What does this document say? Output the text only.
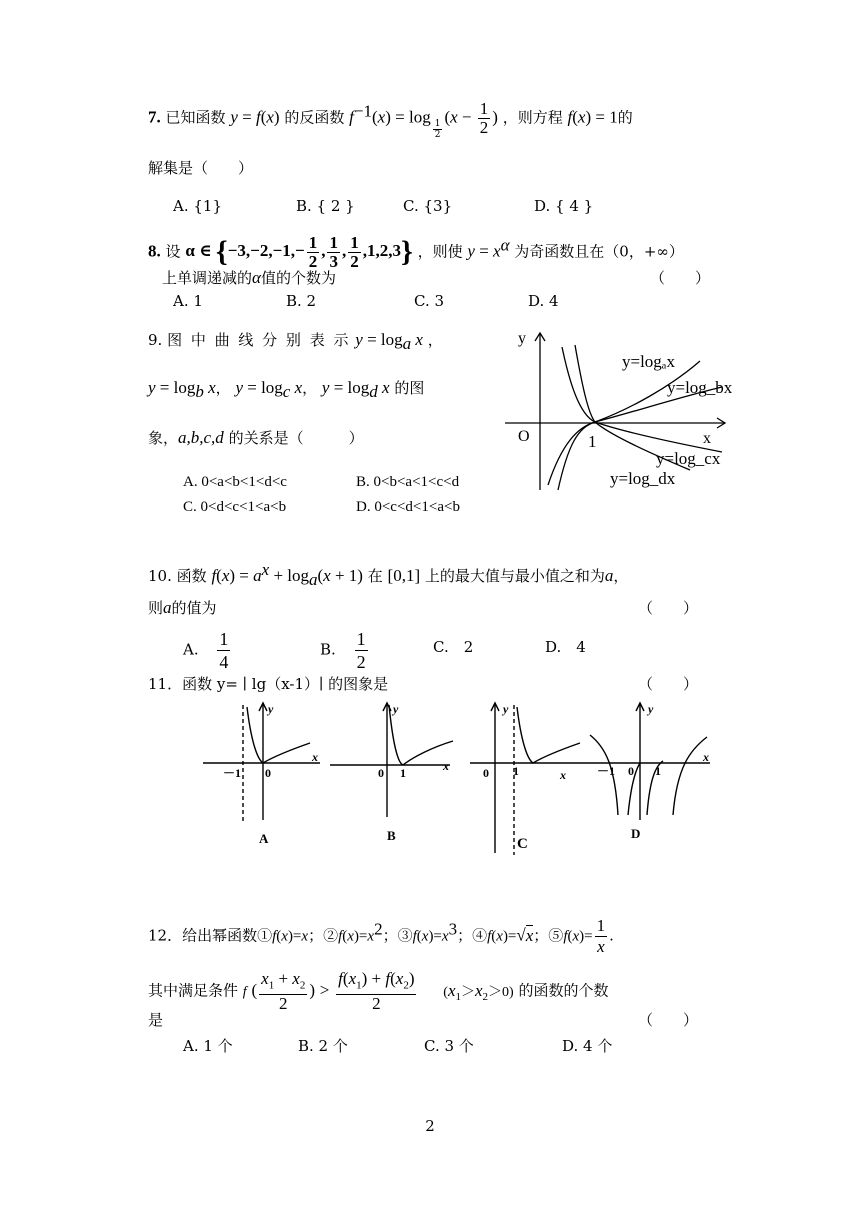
7. 已知函数 y = f(x) 的反函数 $f^{-1}(x) = \log$
$_{\frac{1}{2}}$
($x - \frac{1}{2}$ ) ，则方程 f(x) = 1的
解集是（　　）
A. {1}	B. { 2 }	C. {3}	D. { 4 }
8. 设 α ∈ {$-3,-2,-1,- \frac{1}{2}$ , $\frac{1}{3}$ , $\frac{1}{2} ,1,2,3$} ，则使 $y = x^\alpha$ 为奇函数且在（0，+∞）
上单调递减的α值的个数为	（　　）
A. 1	B. 2	C. 3	D. 4
9. 图 中 曲 线 分 别 表 示 $y = \log_a x$ ，
$y = \log_b x$， $y = \log_c x$， $y = \log_d x$ 的图
象，a,b,c,d 的关系是（　　　）
A. 0<a<b<1<d<c	B. 0<b<a<1<c<d
C. 0<d<c<1<a<b	D. 0<c<d<1<a<b
y
x
O	1
y=logₐx
y=log_bx
y=log_cx
y=log_dx
10. 函数 $f(x) = a^x + \log_a(x + 1)$ 在 [0,1] 上的最大值与最小值之和为a，
则a的值为	（　　）
A. $\frac{1}{4}$	B. $\frac{1}{2}$	C.　2	D.　4
11．函数 y= ∣ lg（x-1）∣ 的图象是	（　　）
y
x
y
x
y
x
y
x
－1 0	0 1	0 1	－1 0 1
A	B
C
D
12．给出幂函数①f(x)=x；$②f(x)=x^2$；$③f(x)=x^3$；④f(x)=√x；⑤f(x)= $\frac{1}{x}$ .
其中满足条件 f ( $\frac{x_1 + x_2}{2}$ ) > $\frac{f(x_1) + f(x_2)}{2} (x_1>x_2>0)$ 的函数的个数
是	（　　）
A. 1 个	B. 2 个	C. 3 个	D. 4 个
2
